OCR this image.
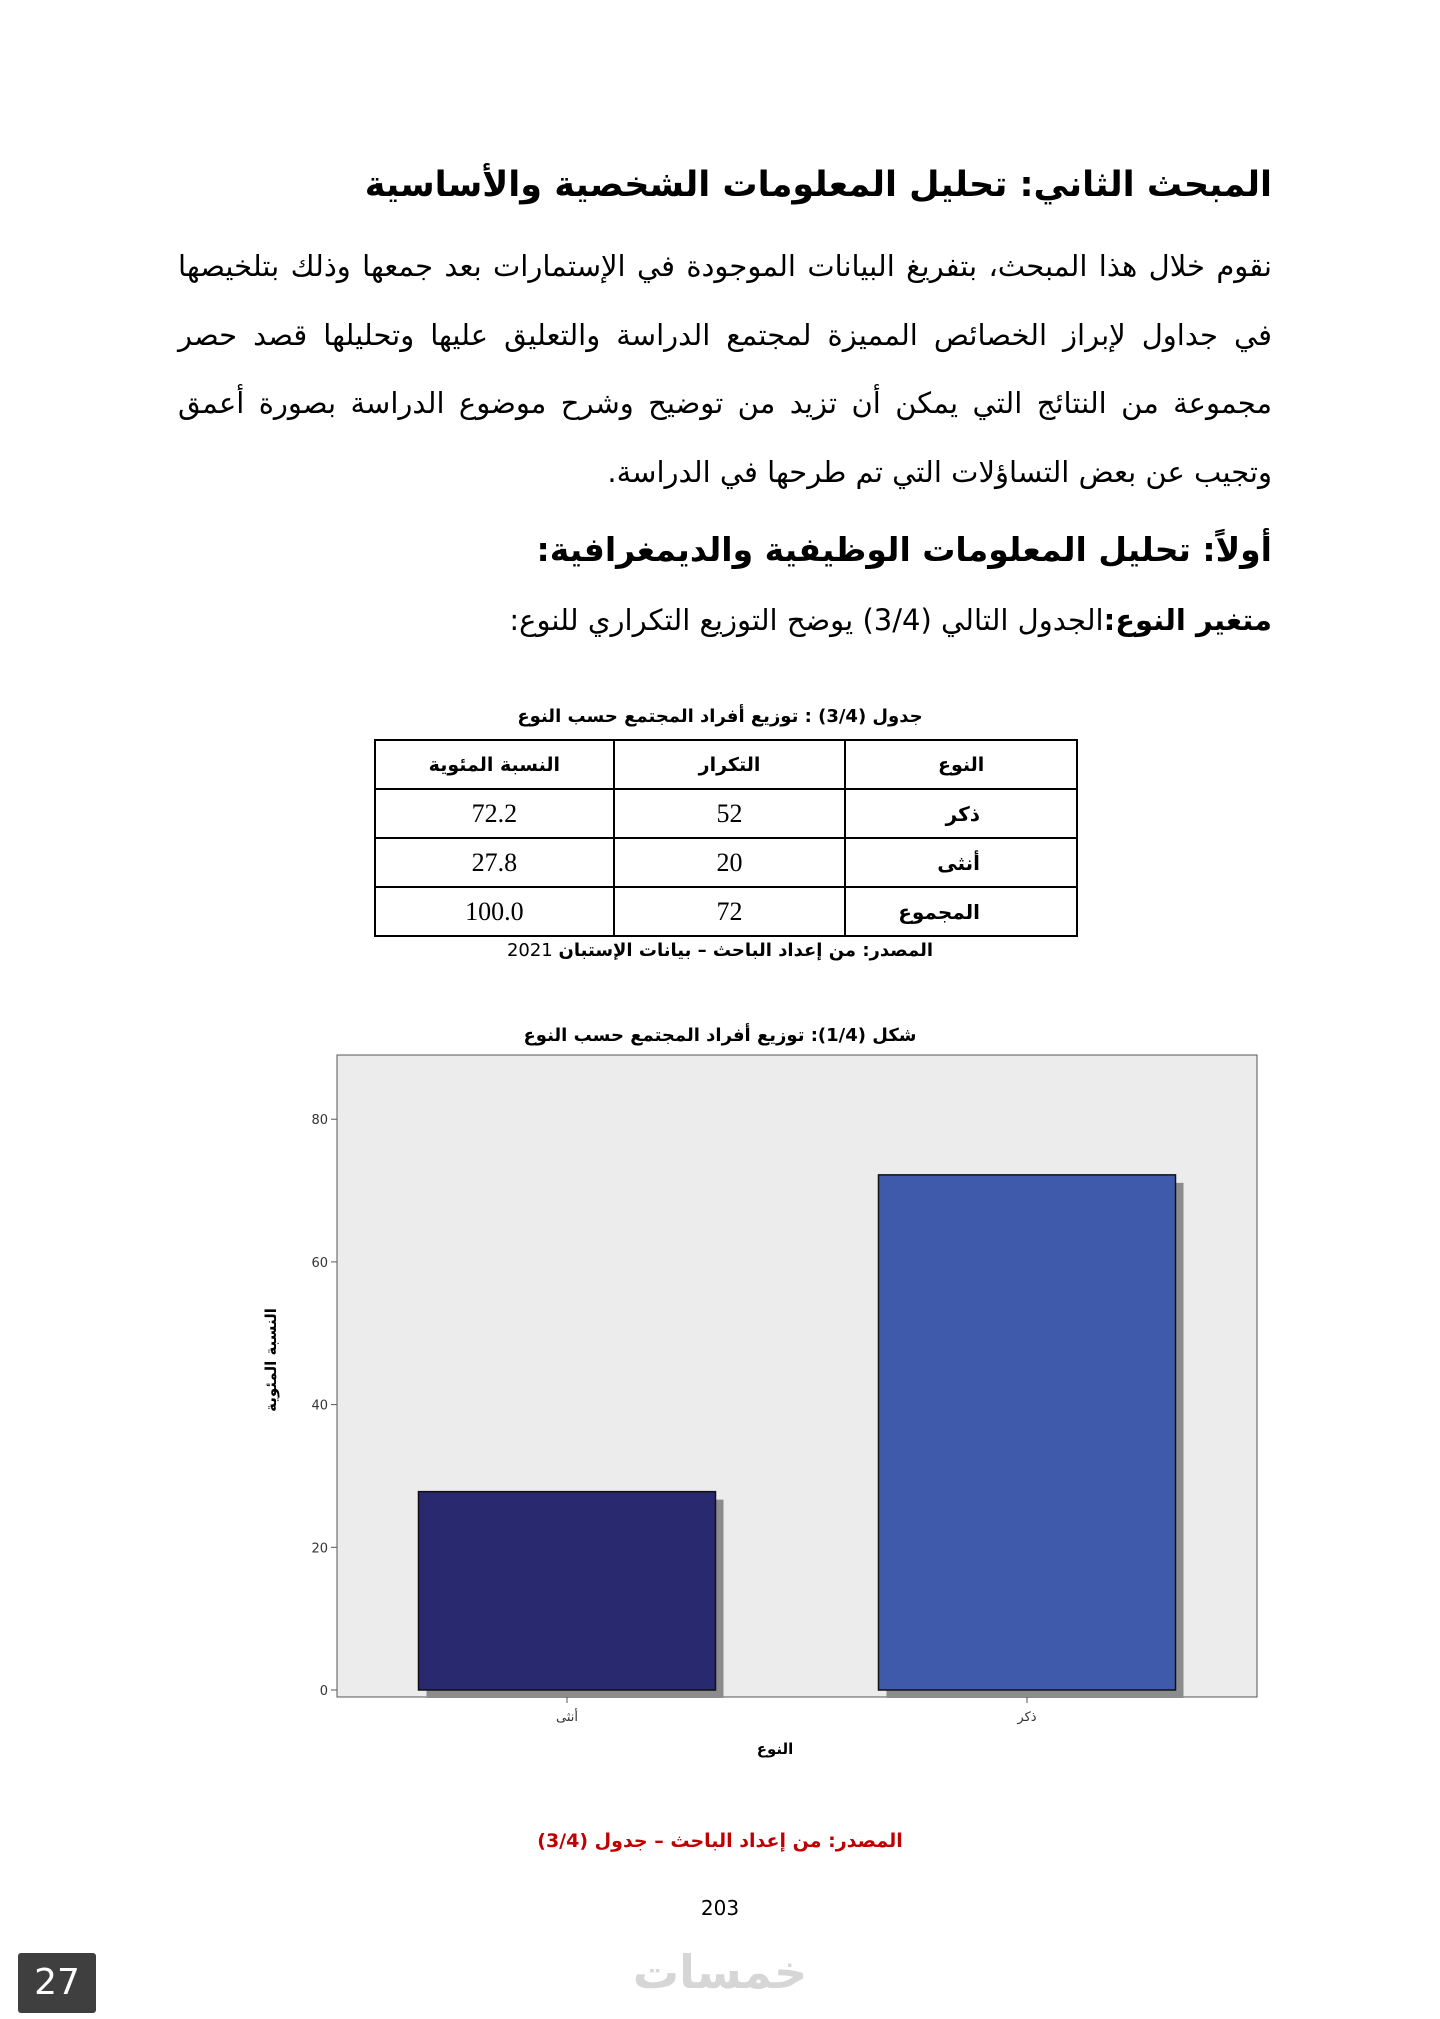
المبحث الثاني: تحليل المعلومات الشخصية والأساسية

نقوم خلال هذا المبحث، بتفريغ البيانات الموجودة في الإستمارات بعد جمعها وذلك بتلخيصها في جداول لإبراز الخصائص المميزة لمجتمع الدراسة والتعليق عليها وتحليلها قصد حصر مجموعة من النتائج التي يمكن أن تزيد من توضيح وشرح موضوع الدراسة بصورة أعمق وتجيب عن بعض التساؤلات التي تم طرحها في الدراسة.

أولاً: تحليل المعلومات الوظيفية والديمغرافية:

متغير النوع:الجدول التالي (3/4) يوضح التوزيع التكراري للنوع:

جدول (3/4) : توزيع أفراد المجتمع حسب النوع
النوع	التكرار	النسبة المئوية
ذكر	52	72.2
أنثى	20	27.8
المجموع	72	100.0
المصدر: من إعداد الباحث – بيانات الإستبان 2021
شكل (1/4): توزيع أفراد المجتمع حسب النوع
0
20
40
60
80
أنثى	ذكر
النوع
النسبة المئوية
المصدر: من إعداد الباحث – جدول (3/4)
203
27	خمسات
